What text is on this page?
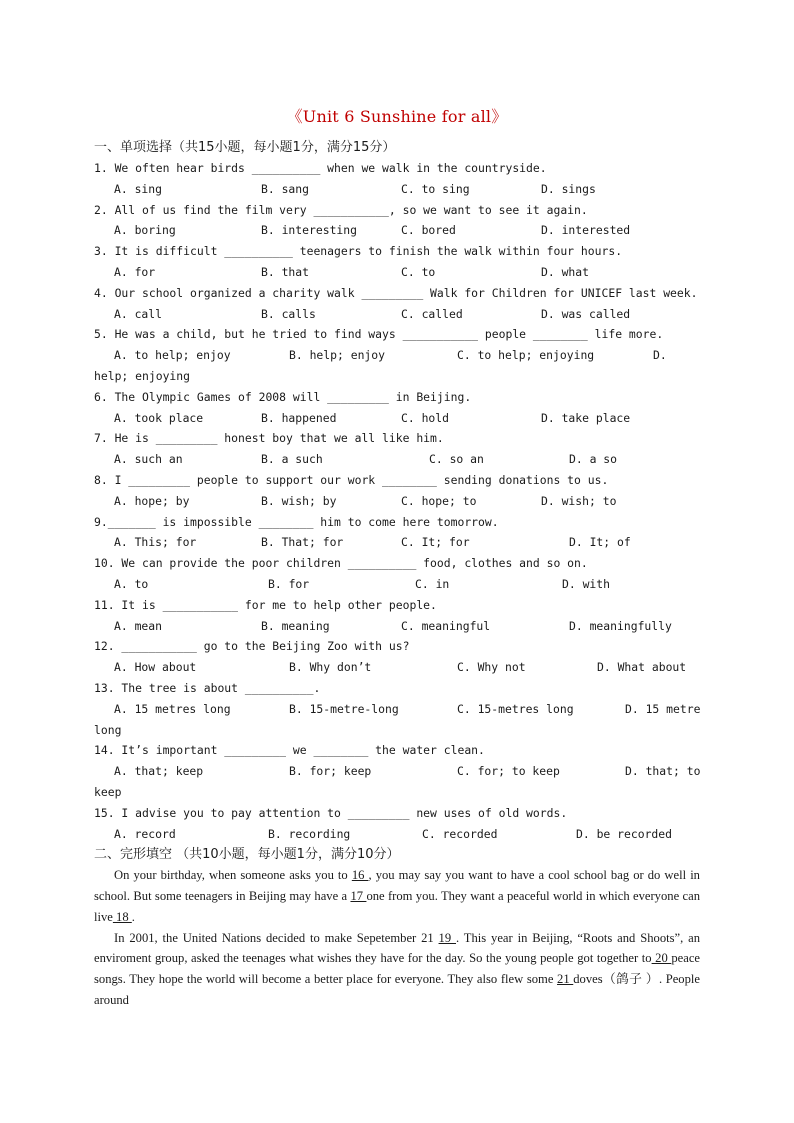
《Unit 6 Sunshine for all》
一、单项选择（共15小题，每小题1分，满分15分）
1. We often hear birds __________ when we walk in the countryside.
A. sing	B. sang	C. to sing	D. sings
2. All of us find the film very ___________, so we want to see it again.
A. boring	B. interesting	C. bored	D. interested
3. It is difficult __________ teenagers to finish the walk within four hours.
A. for	B. that	C. to	D. what
4. Our school organized a charity walk _________ Walk for Children for UNICEF last week.
A. call	B. calls	C. called	D. was called
5. He was a child, but he tried to find ways ___________ people ________ life more.
A. to help; enjoy	B. help; enjoy	C. to help; enjoying	D.
help; enjoying
6. The Olympic Games of 2008 will _________ in Beijing.
A. took place	B. happened	C. hold	D. take place
7. He is _________ honest boy that we all like him.
A. such an	B. a such	C. so an	D. a so
8. I _________ people to support our work ________ sending donations to us.
A. hope; by	B. wish; by	C. hope; to	D. wish; to
9._______ is impossible ________ him to come here tomorrow.
A. This; for	B. That; for	C. It; for	D. It; of
10. We can provide the poor children __________ food, clothes and so on.
A. to	B. for	C. in	D. with
11. It is ___________ for me to help other people.
A. mean	B. meaning	C. meaningful	D. meaningfully
12. ___________ go to the Beijing Zoo with us?
A. How about	B. Why don’t	C. Why not	D. What about
13. The tree is about __________.
A. 15 metres long	B. 15-metre-long	C. 15-metres long	D. 15 metre
long
14. It’s important _________ we ________ the water clean.
A. that; keep	B. for; keep	C. for; to keep	D. that; to
keep
15. I advise you to pay attention to _________ new uses of old words.
A. record	B. recording	C. recorded	D. be recorded
二、完形填空 （共10小题，每小题1分，满分10分）

On your birthday, when someone asks you to 16 , you may say you want to have a cool school bag or do well in school. But some teenagers in Beijing may have a 17 one from you. They want a peaceful world in which everyone can live 18 .

In 2001, the United Nations decided to make Sepetember 21 19 . This year in Beijing, “Roots and Shoots”, an enviroment group, asked the teenages what wishes they have for the day. So the young people got together to 20 peace songs. They hope the world will become a better place for everyone. They also flew some 21 doves（鸽子 ）. People around
